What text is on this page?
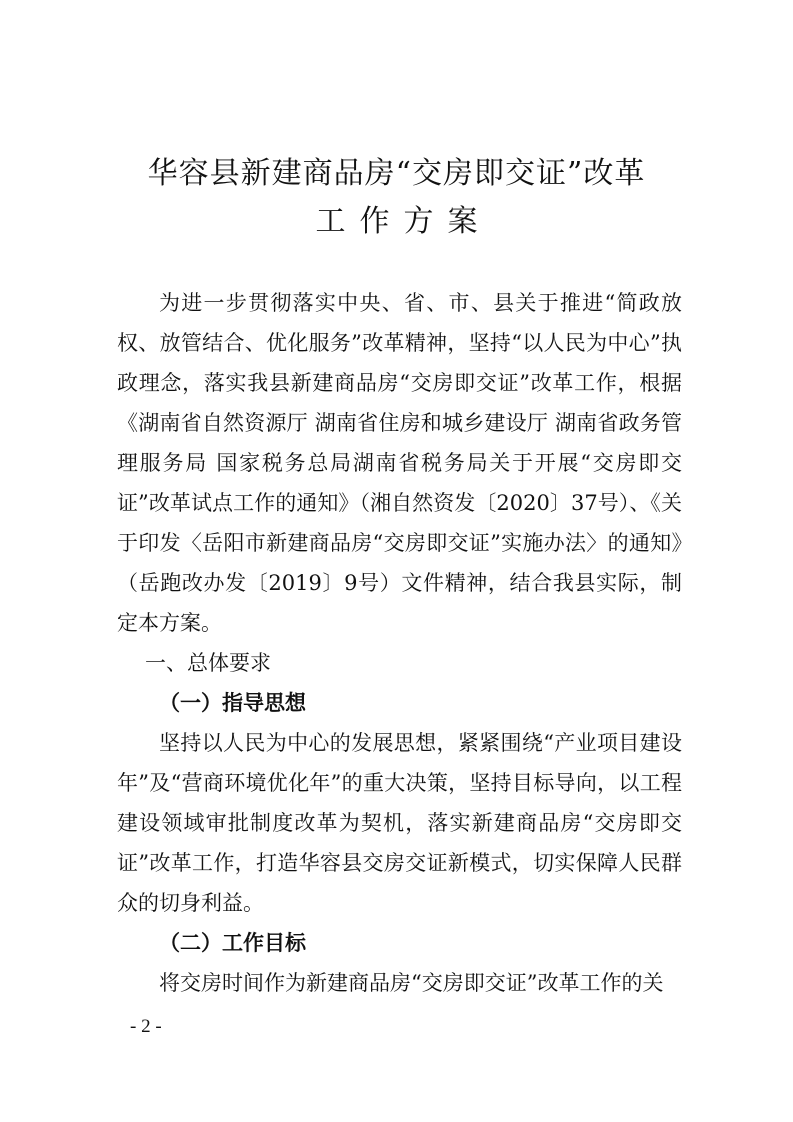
华容县新建商品房“交房即交证”改革
工作方案

为进一步贯彻落实中央、省、市、县关于推进“简政放权、放管结合、优化服务”改革精神，坚持“以人民为中心”执政理念，落实我县新建商品房“交房即交证”改革工作，根据《湖南省自然资源厅 湖南省住房和城乡建设厅 湖南省政务管理服务局 国家税务总局湖南省税务局关于开展“交房即交证”改革试点工作的通知》（湘自然资发〔2020〕37号）、《关于印发〈岳阳市新建商品房“交房即交证”实施办法〉的通知》（岳跑改办发〔2019〕9号）文件精神，结合我县实际，制定本方案。

一、总体要求

（一）指导思想

坚持以人民为中心的发展思想，紧紧围绕“产业项目建设年”及“营商环境优化年”的重大决策，坚持目标导向，以工程建设领域审批制度改革为契机，落实新建商品房“交房即交证”改革工作，打造华容县交房交证新模式，切实保障人民群众的切身利益。

（二）工作目标

将交房时间作为新建商品房“交房即交证”改革工作的关

- 2 -
